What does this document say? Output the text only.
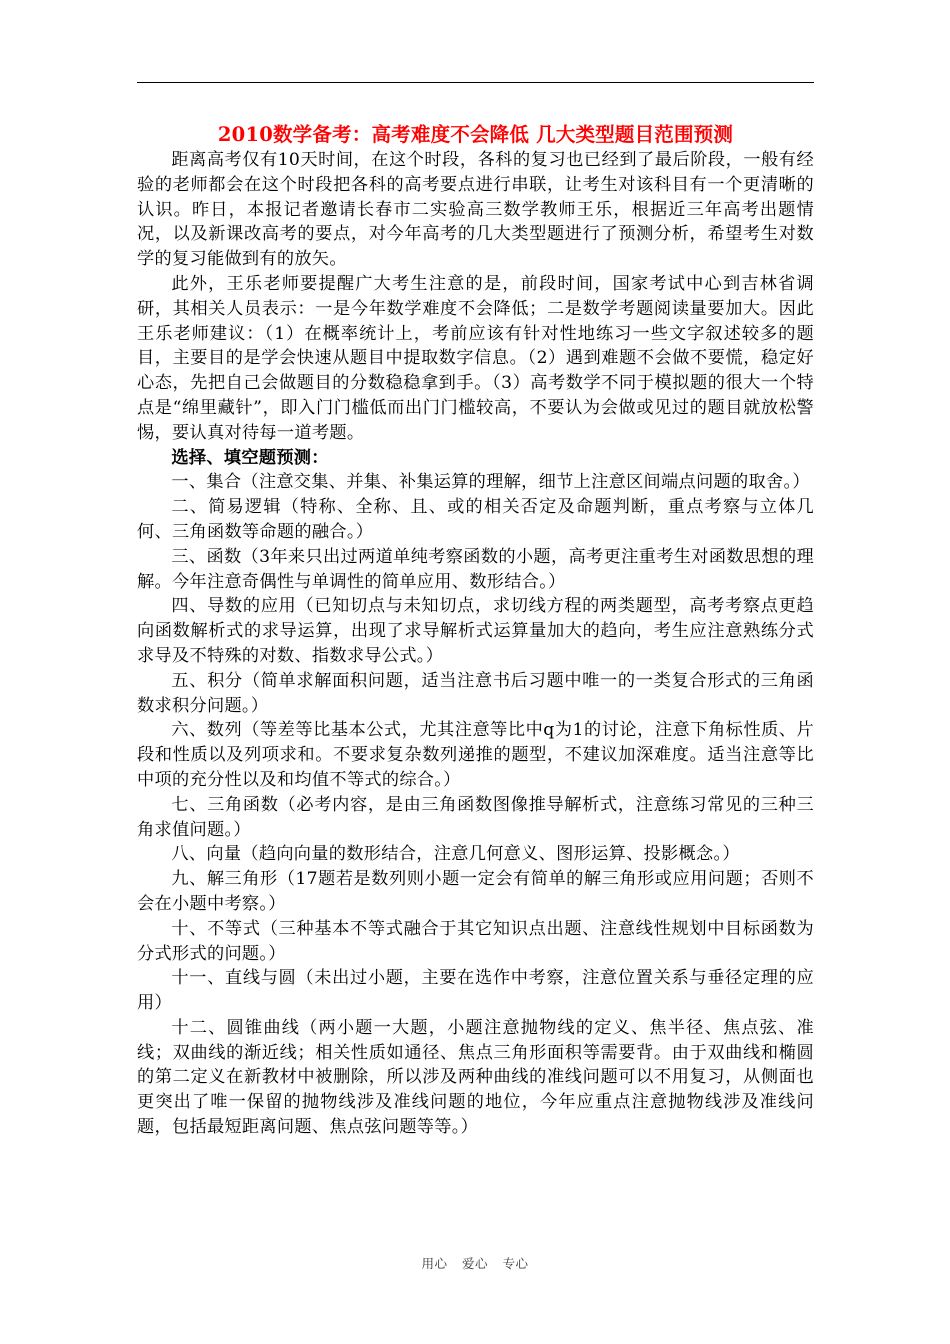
2010数学备考：高考难度不会降低 几大类型题目范围预测

距离高考仅有10天时间，在这个时段，各科的复习也已经到了最后阶段，一般有经验的老师都会在这个时段把各科的高考要点进行串联，让考生对该科目有一个更清晰的认识。昨日，本报记者邀请长春市二实验高三数学教师王乐，根据近三年高考出题情况，以及新课改高考的要点，对今年高考的几大类型题进行了预测分析，希望考生对数学的复习能做到有的放矢。

此外，王乐老师要提醒广大考生注意的是，前段时间，国家考试中心到吉林省调研，其相关人员表示：一是今年数学难度不会降低；二是数学考题阅读量要加大。因此王乐老师建议：（1）在概率统计上，考前应该有针对性地练习一些文字叙述较多的题目，主要目的是学会快速从题目中提取数字信息。（2）遇到难题不会做不要慌，稳定好心态，先把自己会做题目的分数稳稳拿到手。（3）高考数学不同于模拟题的很大一个特点是“绵里藏针”，即入门门槛低而出门门槛较高，不要认为会做或见过的题目就放松警惕，要认真对待每一道考题。

选择、填空题预测：

一、集合（注意交集、并集、补集运算的理解，细节上注意区间端点问题的取舍。）

二、简易逻辑（特称、全称、且、或的相关否定及命题判断，重点考察与立体几何、三角函数等命题的融合。）

三、函数（3年来只出过两道单纯考察函数的小题，高考更注重考生对函数思想的理解。今年注意奇偶性与单调性的简单应用、数形结合。）

四、导数的应用（已知切点与未知切点，求切线方程的两类题型，高考考察点更趋向函数解析式的求导运算，出现了求导解析式运算量加大的趋向，考生应注意熟练分式求导及不特殊的对数、指数求导公式。）

五、积分（简单求解面积问题，适当注意书后习题中唯一的一类复合形式的三角函数求积分问题。）

六、数列（等差等比基本公式，尤其注意等比中q为1的讨论，注意下角标性质、片段和性质以及列项求和。不要求复杂数列递推的题型，不建议加深难度。适当注意等比中项的充分性以及和均值不等式的综合。）

七、三角函数（必考内容，是由三角函数图像推导解析式，注意练习常见的三种三角求值问题。）

八、向量（趋向向量的数形结合，注意几何意义、图形运算、投影概念。）

九、解三角形（17题若是数列则小题一定会有简单的解三角形或应用问题；否则不会在小题中考察。）

十、不等式（三种基本不等式融合于其它知识点出题、注意线性规划中目标函数为分式形式的问题。）

十一、直线与圆（未出过小题，主要在选作中考察，注意位置关系与垂径定理的应用）

十二、圆锥曲线（两小题一大题，小题注意抛物线的定义、焦半径、焦点弦、准线；双曲线的渐近线；相关性质如通径、焦点三角形面积等需要背。由于双曲线和椭圆的第二定义在新教材中被删除，所以涉及两种曲线的准线问题可以不用复习，从侧面也更突出了唯一保留的抛物线涉及准线问题的地位，今年应重点注意抛物线涉及准线问题，包括最短距离问题、焦点弦问题等等。）

用心 爱心 专心
